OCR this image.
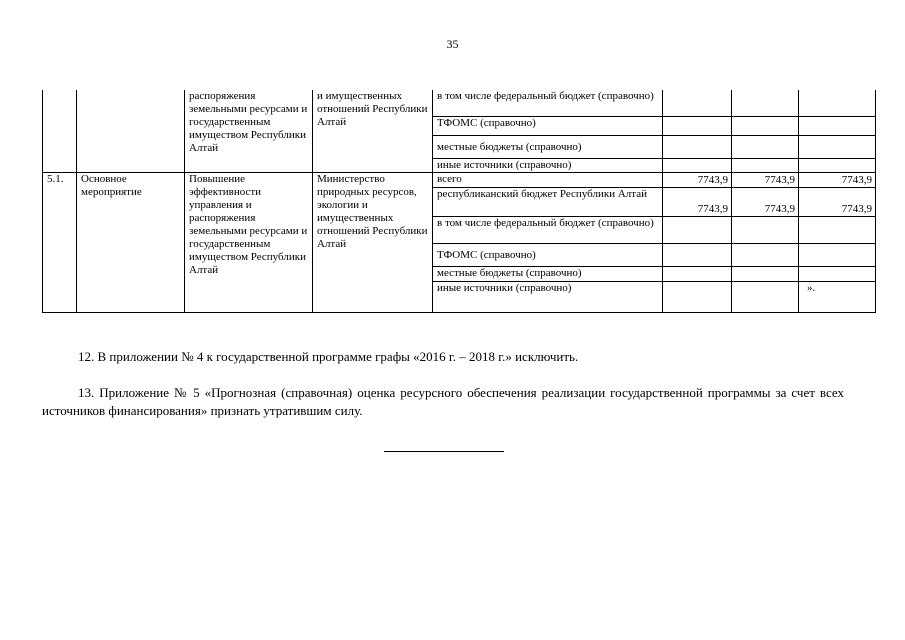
35
		распоряжения земельными ресурсами и государственным имуществом Республики Алтай	и имущественных отношений Республики Алтай	в том числе федеральный бюджет (справочно)			
				ТФОМС (справочно)			
				местные бюджеты (справочно)			
				иные источники (справочно)			
5.1.	Основное мероприятие	Повышение эффективности управления и распоряжения земельными ресурсами и государственным имуществом Республики Алтай	Министерство природных ресурсов, экологии и имущественных отношений Республики Алтай	всего	7743,9	7743,9	7743,9
				республиканский бюджет Республики Алтай	7743,9	7743,9	7743,9
				в том числе федеральный бюджет (справочно)			
				ТФОМС (справочно)			
				местные бюджеты (справочно)			
				иные источники (справочно)			».
12. В приложении № 4 к государственной программе графы «2016 г. – 2018 г.» исключить.
13. Приложение № 5 «Прогнозная (справочная) оценка ресурсного обеспечения реализации государственной программы за счет всех источников финансирования» признать утратившим силу.
